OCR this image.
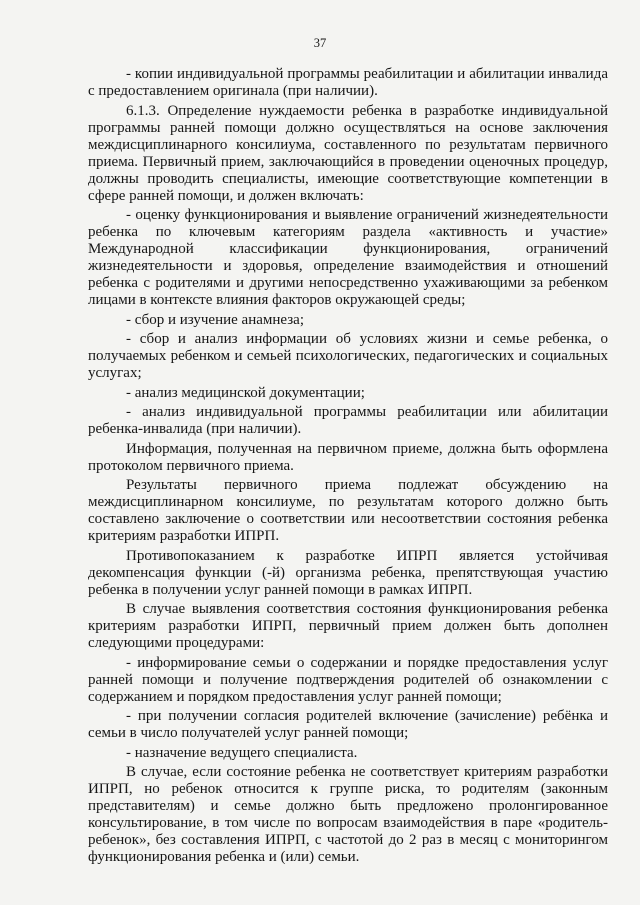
37

- копии индивидуальной программы реабилитации и абилитации инвалида с предоставлением оригинала (при наличии).

6.1.3. Определение нуждаемости ребенка в разработке индивидуальной программы ранней помощи должно осуществляться на основе заключения междисциплинарного консилиума, составленного по результатам первичного приема. Первичный прием, заключающийся в проведении оценочных процедур, должны проводить специалисты, имеющие соответствующие компетенции в сфере ранней помощи, и должен включать:

- оценку функционирования и выявление ограничений жизнедеятельности ребенка по ключевым категориям раздела «активность и участие» Международной классификации функционирования, ограничений жизнедеятельности и здоровья, определение взаимодействия и отношений ребенка с родителями и другими непосредственно ухаживающими за ребенком лицами в контексте влияния факторов окружающей среды;

- сбор и изучение анамнеза;

- сбор и анализ информации об условиях жизни и семье ребенка, о получаемых ребенком и семьей психологических, педагогических и социальных услугах;

- анализ медицинской документации;

- анализ индивидуальной программы реабилитации или абилитации ребенка-инвалида (при наличии).

Информация, полученная на первичном приеме, должна быть оформлена протоколом первичного приема.

Результаты первичного приема подлежат обсуждению на междисциплинарном консилиуме, по результатам которого должно быть составлено заключение о соответствии или несоответствии состояния ребенка критериям разработки ИПРП.

Противопоказанием к разработке ИПРП является устойчивая декомпенсация функции (-й) организма ребенка, препятствующая участию ребенка в получении услуг ранней помощи в рамках ИПРП.

В случае выявления соответствия состояния функционирования ребенка критериям разработки ИПРП, первичный прием должен быть дополнен следующими процедурами:

- информирование семьи о содержании и порядке предоставления услуг ранней помощи и получение подтверждения родителей об ознакомлении с содержанием и порядком предоставления услуг ранней помощи;

- при получении согласия родителей включение (зачисление) ребёнка и семьи в число получателей услуг ранней помощи;

- назначение ведущего специалиста.

В случае, если состояние ребенка не соответствует критериям разработки ИПРП, но ребенок относится к группе риска, то родителям (законным представителям) и семье должно быть предложено пролонгированное консультирование, в том числе по вопросам взаимодействия в паре «родитель-ребенок», без составления ИПРП, с частотой до 2 раз в месяц с мониторингом функционирования ребенка и (или) семьи.
